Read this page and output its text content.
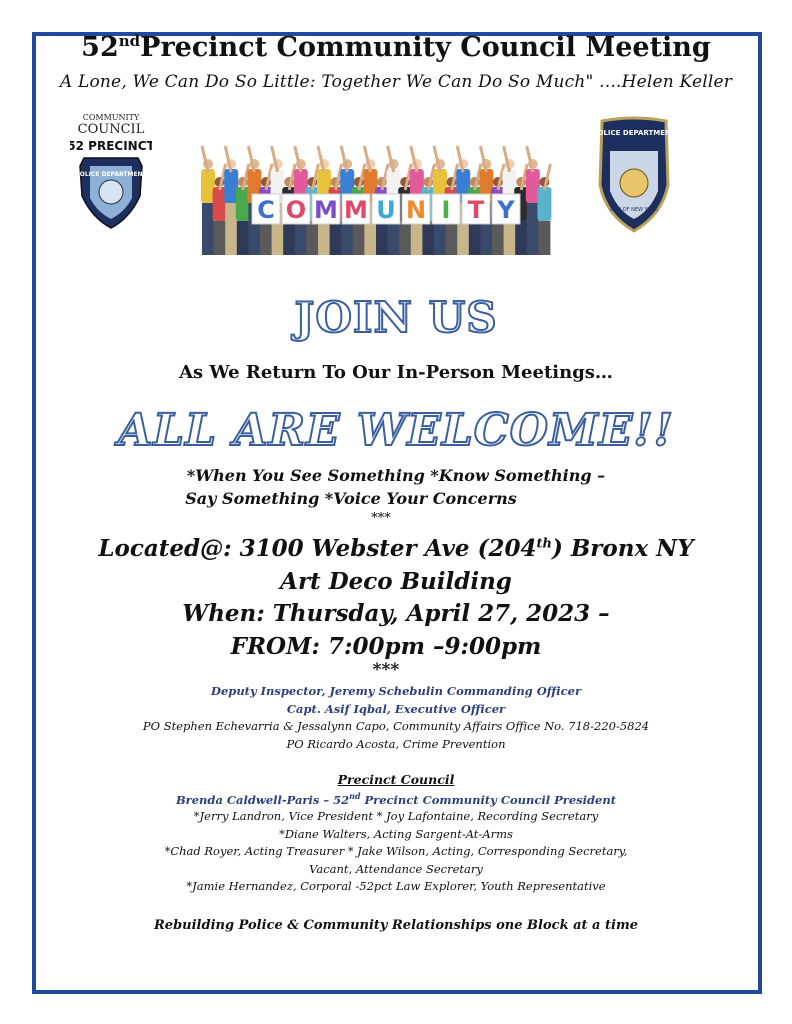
52ndPrecinct Community Council Meeting
A Lone, We Can Do So Little: Together We Can Do So Much" ....Helen Keller
COMMUNITY
COUNCIL
52 PRECINCT
POLICE DEPARTMENT
POLICE DEPARTMENT
CITY OF NEW YORK
C O M M U N I T Y
JOIN US
As We Return To Our In-Person Meetings…
ALL ARE WELCOME!!
*When You See Something *Know Something –
Say Something *Voice Your Concerns
***
Located@: 3100 Webster Ave (204th) Bronx NY
Art Deco Building
When: Thursday, April 27, 2023 –
FROM: 7:00pm –9:00pm
***
Deputy Inspector, Jeremy Schebulin Commanding Officer
Capt. Asif Iqbal, Executive Officer
PO Stephen Echevarria & Jessalynn Capo, Community Affairs Office No. 718-220-5824
PO Ricardo Acosta, Crime Prevention
Precinct Council
Brenda Caldwell-Paris – 52nd Precinct Community Council President
*Jerry Landron, Vice President * Joy Lafontaine, Recording Secretary
*Diane Walters, Acting Sargent-At-Arms
*Chad Royer, Acting Treasurer * Jake Wilson, Acting, Corresponding Secretary,
Vacant, Attendance Secretary
*Jamie Hernandez, Corporal -52pct Law Explorer, Youth Representative
Rebuilding Police & Community Relationships one Block at a time
